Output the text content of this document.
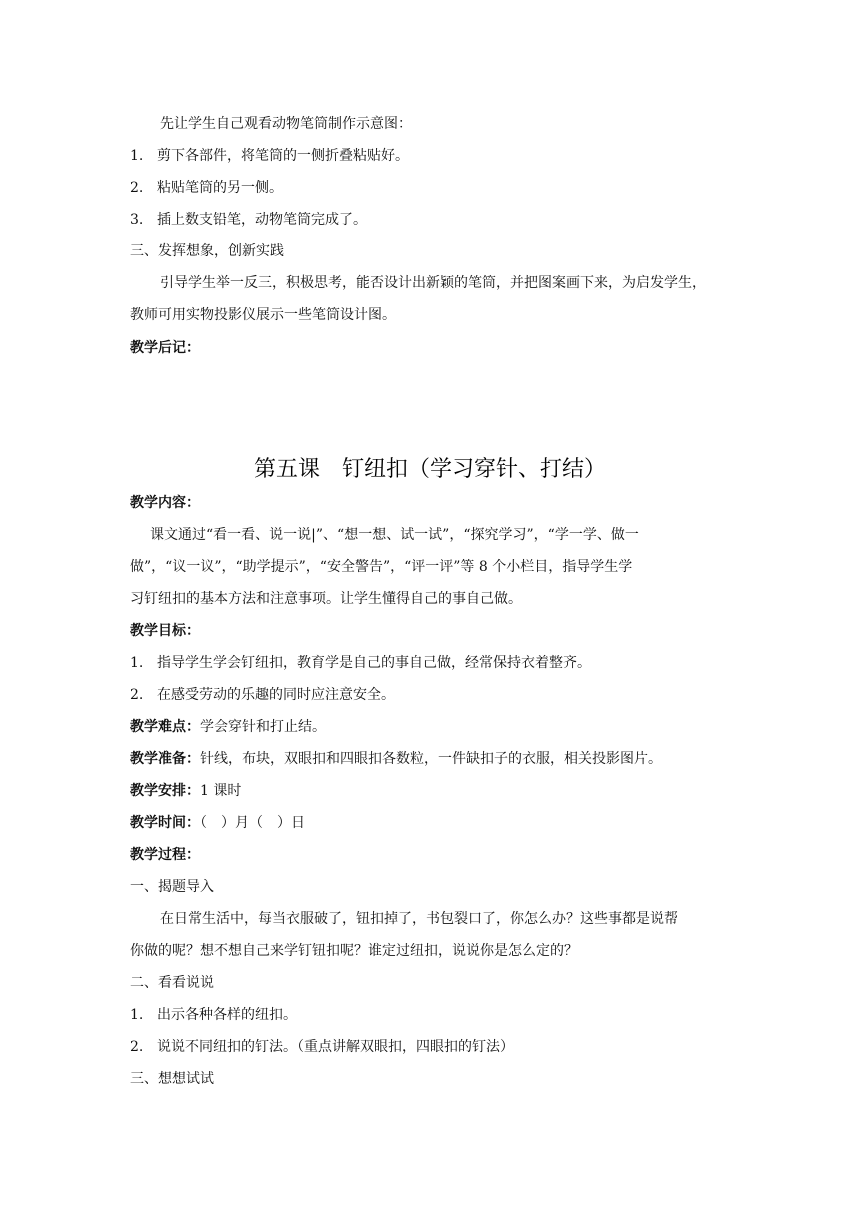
先让学生自己观看动物笔筒制作示意图：
1. 剪下各部件，将笔筒的一侧折叠粘贴好。
2. 粘贴笔筒的另一侧。
3. 插上数支铅笔，动物笔筒完成了。
三、发挥想象，创新实践
引导学生举一反三，积极思考，能否设计出新颖的笔筒，并把图案画下来，为启发学生，
教师可用实物投影仪展示一些笔筒设计图。
教学后记：
第五课　钉纽扣（学习穿针、打结）
教学内容：
课文通过“看一看、说一说|”、“想一想、试一试”，“探究学习”，“学一学、做一
做”，“议一议”，“助学提示”，“安全警告”，“评一评”等 8 个小栏目，指导学生学
习钉纽扣的基本方法和注意事项。让学生懂得自己的事自己做。
教学目标：
1. 指导学生学会钉纽扣，教育学是自己的事自己做，经常保持衣着整齐。
2. 在感受劳动的乐趣的同时应注意安全。
教学难点：学会穿针和打止结。
教学准备：针线，布块，双眼扣和四眼扣各数粒，一件缺扣子的衣服，相关投影图片。
教学安排：1 课时
教学时间：（　）月（　）日
教学过程：
一、揭题导入
在日常生活中，每当衣服破了，钮扣掉了，书包裂口了，你怎么办？这些事都是说帮
你做的呢？想不想自己来学钉钮扣呢？谁定过纽扣，说说你是怎么定的？
二、看看说说
1. 出示各种各样的纽扣。
2. 说说不同纽扣的钉法。（重点讲解双眼扣，四眼扣的钉法）
三、想想试试
